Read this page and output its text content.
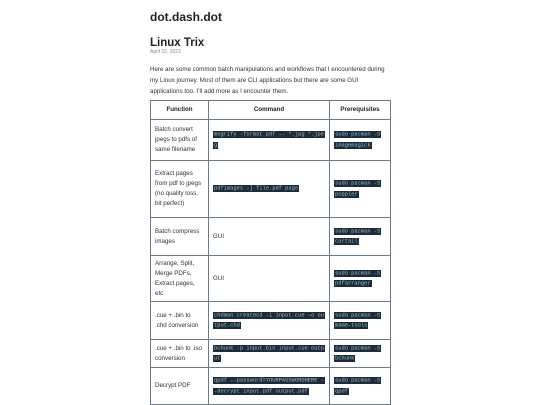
dot.dash.dot
Linux Trix
April 22, 2023
Here are some common batch manipulations and workflows that I encountered during my Linux journey. Most of them are CLI applications but there are some GUI applications too. I’ll add more as I encounter them.
Function	Command	Prerequisites
Batch convert jpegs to pdfs of same filename	mogrify -format pdf -- *.jpg *.jpeg	sudo pacman -S imagemagick
Extract pages from pdf to jpegs (no quality loss, bit perfect)	pdfimages -j file.pdf page	sudo pacman -S poppler
Batch compress images	GUI	sudo pacman -S curtail
Arrange, Split, Merge PDFs, Extract pages, etc	GUI	sudo pacman -S pdfarranger
.cue + .bin to .chd conversion	chdman createcd -i input.cue -o output.chd	sudo pacman -S mame-tools
.cue + .bin to .iso conversion	bchunk -p input.bin input.cue output	sudo pacman -S bchunk
Decrypt PDF	qpdf --password=YOURPASSWORDHERE --decrypt input.pdf output.pdf	sudo pacman -S qpdf
